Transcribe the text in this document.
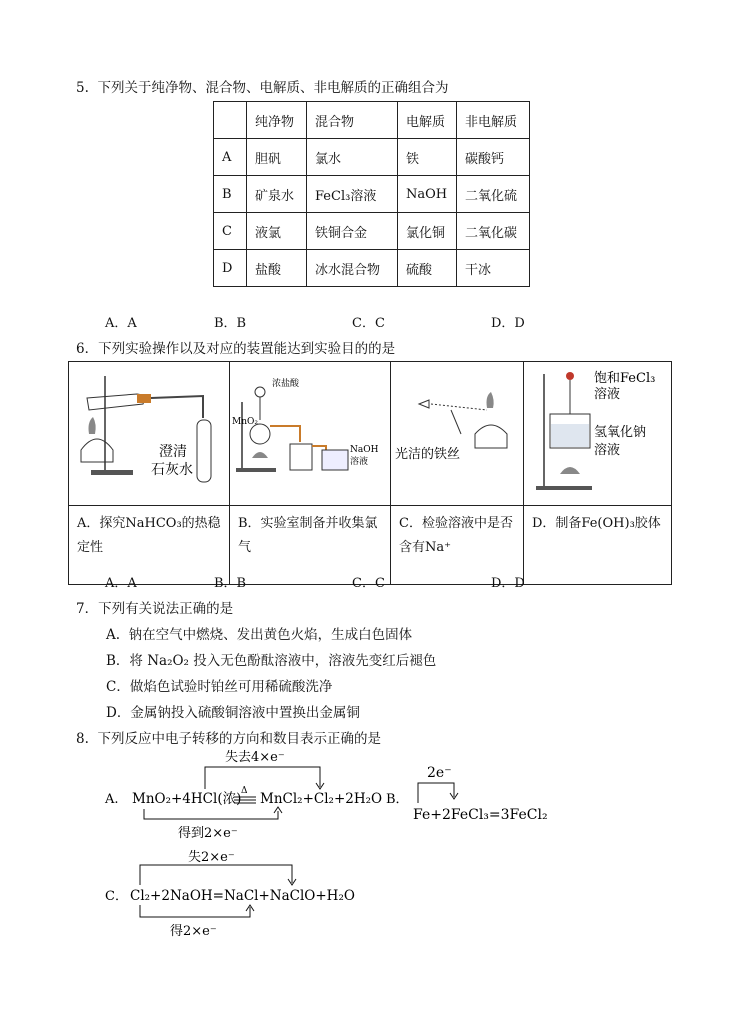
5.  下列关于纯净物、混合物、电解质、非电解质的正确组合为
	纯净物	混合物	电解质	非电解质
A	胆矾	氯水	铁	碳酸钙
B	矿泉水	FeCl₃溶液	NaOH	二氧化硫
C	液氯	铁铜合金	氯化铜	二氧化碳
D	盐酸	冰水混合物	硫酸	干冰
A．A	B．B	C．C	D．D
6．下列实验操作以及对应的装置能达到实验目的的是
澄清
石灰水	浓盐酸
MnO₂
NaOH
溶液	光洁的铁丝	饱和FeCl₃
溶液
氢氧化钠
溶液

A．探究NaHCO₃的热稳定性	B．实验室制备并收集氯气	C．检验溶液中是否含有Na⁺	D．制备Fe(OH)₃胶体
A．A	B．B	C．C	D．D
7．下列有关说法正确的是
A.  钠在空气中燃烧、发出黄色火焰，生成白色固体
B．将 Na₂O₂ 投入无色酚酞溶液中，溶液先变红后褪色
C．做焰色试验时铂丝可用稀硫酸洗净
D．金属钠投入硫酸铜溶液中置换出金属铜
8.  下列反应中电子转移的方向和数目表示正确的是
A. MnO₂+4HCl(浓) Δ MnCl₂+Cl₂+2H₂O
失去4×e⁻
得到2×e⁻
B．
2e⁻
Fe+2FeCl₃=3FeCl₂
C．
失2×e⁻
Cl₂+2NaOH=NaCl+NaClO+H₂O
得2×e⁻
